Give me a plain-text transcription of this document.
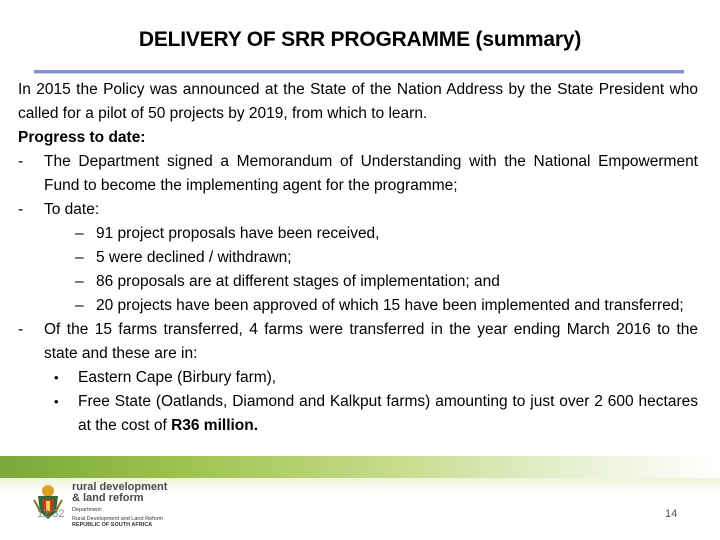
DELIVERY OF SRR PROGRAMME (summary)

In 2015 the Policy was announced at the State of the Nation Address by the State President who called for a pilot of 50 projects by 2019, from which to learn.

Progress to date:
- The Department signed a Memorandum of Understanding with the National Empowerment Fund to become the implementing agent for the programme;
- To date:
– 91 project proposals have been received,
– 5 were declined / withdrawn;
– 86 proposals are at different stages of implementation; and
– 20 projects have been approved of which 15 have been implemented and transferred;
- Of the 15 farms transferred, 4 farms were transferred in the year ending March 2016 to the state and these are in:
• Eastern Cape (Birbury farm),
• Free State (Oatlands, Diamond and Kalkput farms) amounting to just over 2 600 hectares at the cost of R36 million.
rural development
& land reform
Department:
Rural Development and Land Reform
REPUBLIC OF SOUTH AFRICA
12:32	14
